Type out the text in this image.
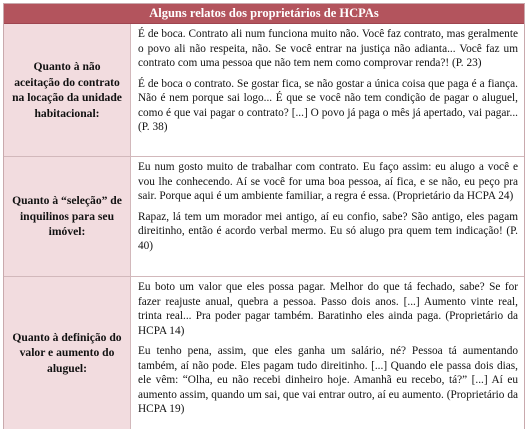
Alguns relatos dos proprietários de HCPAs
Quanto à não aceitação do contrato na locação da unidade habitacional:

É de boca. Contrato ali num funciona muito não. Você faz contrato, mas geralmente o povo ali não respeita, não. Se você entrar na justiça não adianta... Você faz um contrato com uma pessoa que não tem nem como comprovar renda?! (P. 23)

É de boca o contrato. Se gostar fica, se não gostar a única coisa que paga é a fiança. Não é nem porque sai logo... É que se você não tem condição de pagar o aluguel, como é que vai pagar o contrato? [...] O povo já paga o mês já apertado, vai pagar... (P. 38)

Quanto à “seleção” de inquilinos para seu imóvel:

Eu num gosto muito de trabalhar com contrato. Eu faço assim: eu alugo a você e vou lhe conhecendo. Aí se você for uma boa pessoa, aí fica, e se não, eu peço pra sair. Porque aqui é um ambiente familiar, a regra é essa. (Proprietário da HCPA 24)

Rapaz, lá tem um morador mei antigo, aí eu confio, sabe? São antigo, eles pagam direitinho, então é acordo verbal mermo. Eu só alugo pra quem tem indicação! (P. 40)

Quanto à definição do valor e aumento do aluguel:

Eu boto um valor que eles possa pagar. Melhor do que tá fechado, sabe? Se for fazer reajuste anual, quebra a pessoa. Passo dois anos. [...] Aumento vinte real, trinta real... Pra poder pagar também. Baratinho eles ainda paga. (Proprietário da HCPA 14)

Eu tenho pena, assim, que eles ganha um salário, né? Pessoa tá aumentando também, aí não pode. Eles pagam tudo direitinho. [...] Quando ele passa dois dias, ele vêm: “Olha, eu não recebi dinheiro hoje. Amanhã eu recebo, tá?” [...] Aí eu aumento assim, quando um sai, que vai entrar outro, aí eu aumento. (Proprietário da HCPA 19)
